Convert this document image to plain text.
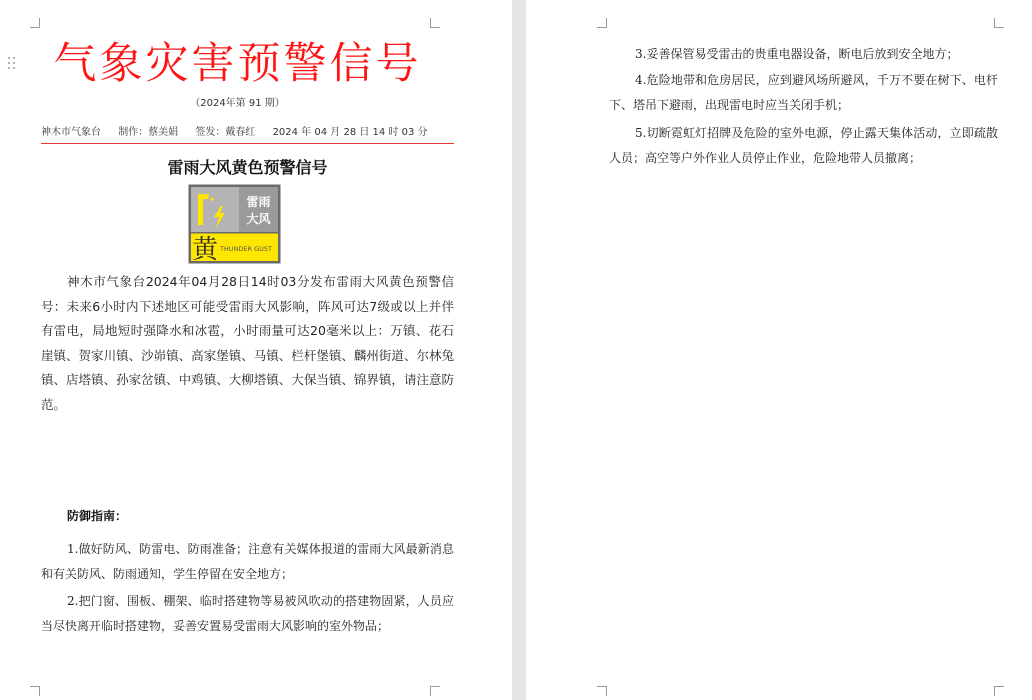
气象灾害预警信号
（2024年第 91 期）
神木市气象台 制作：蔡美娟 签发：戴春红 2024 年 04 月 28 日 14 时 03 分
雷雨大风黄色预警信号
雷雨
大风
黄 THUNDER GUST

神木市气象台2024年04月28日14时03分发布雷雨大风黄色预警信号：未来6小时内下述地区可能受雷雨大风影响，阵风可达7级或以上并伴有雷电，局地短时强降水和冰雹，小时雨量可达20毫米以上：万镇、花石崖镇、贺家川镇、沙峁镇、高家堡镇、马镇、栏杆堡镇、麟州街道、尔林兔镇、店塔镇、孙家岔镇、中鸡镇、大柳塔镇、大保当镇、锦界镇，请注意防范。

防御指南：

1.做好防风、防雷电、防雨准备；注意有关媒体报道的雷雨大风最新消息和有关防风、防雨通知，学生停留在安全地方；

2.把门窗、围板、棚架、临时搭建物等易被风吹动的搭建物固紧，人员应当尽快离开临时搭建物，妥善安置易受雷雨大风影响的室外物品；

3.妥善保管易受雷击的贵重电器设备，断电后放到安全地方；

4.危险地带和危房居民，应到避风场所避风，千万不要在树下、电杆下、塔吊下避雨，出现雷电时应当关闭手机；

5.切断霓虹灯招牌及危险的室外电源，停止露天集体活动，立即疏散人员；高空等户外作业人员停止作业，危险地带人员撤离；
